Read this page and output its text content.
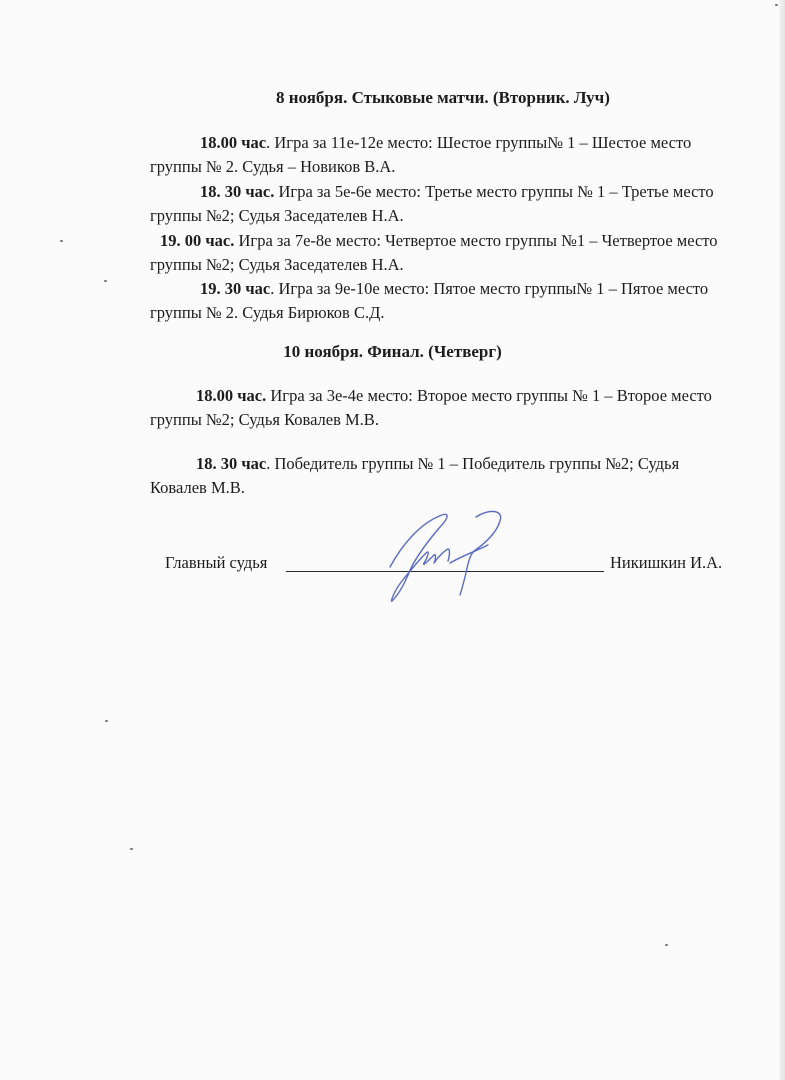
8 ноября. Стыковые матчи. (Вторник. Луч)

18.00 час. Игра за 11е-12е место: Шестое группы№ 1 – Шестое место группы № 2. Судья – Новиков В.А.

18. 30 час. Игра за 5е-6е место: Третье место группы № 1 – Третье место группы №2; Судья Заседателев Н.А.

19. 00 час. Игра за 7е-8е место: Четвертое место группы №1 – Четвертое место группы №2; Судья Заседателев Н.А.

19. 30 час. Игра за 9е-10е место: Пятое место группы№ 1 – Пятое место группы № 2. Судья Бирюков С.Д.

10 ноября. Финал. (Четверг)

18.00 час. Игра за 3е-4е место: Второе место группы № 1 – Второе место группы №2; Судья Ковалев М.В.

18. 30 час. Победитель группы № 1 – Победитель группы №2; Судья Ковалев М.В.

Главный судья	Никишкин И.А.
